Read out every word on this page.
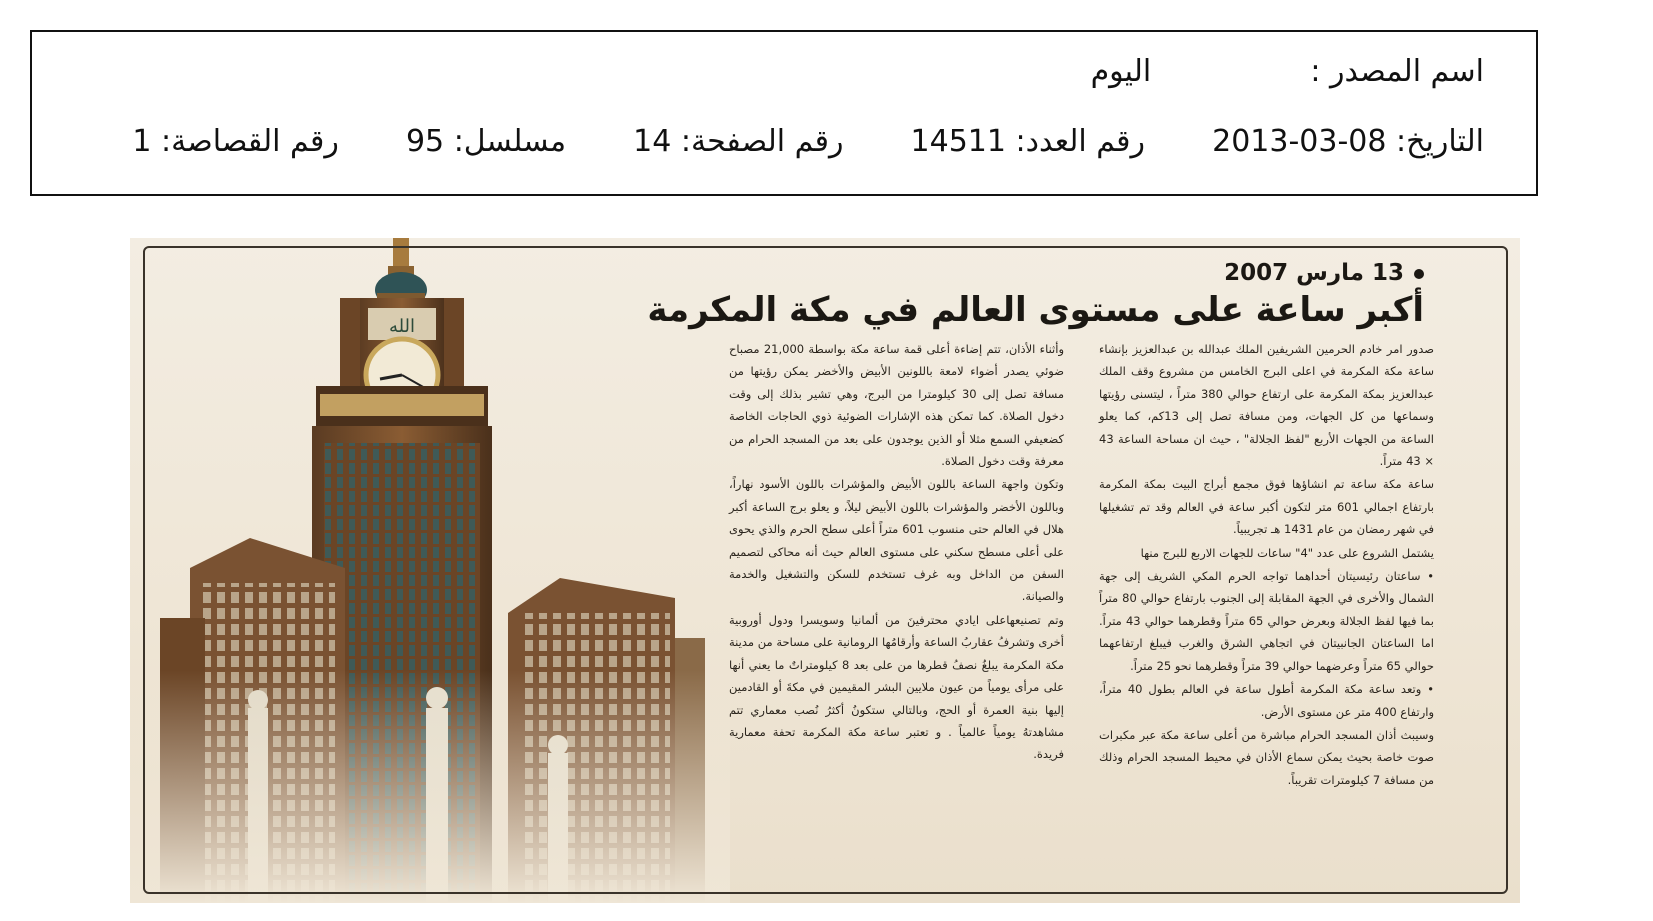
اسم المصدر :  اليوم
التاريخ: 2013-03-08  رقم العدد: 14511  رقم الصفحة: 14  مسلسل: 95  رقم القصاصة: 1
13 مارس 2007
أكبر ساعة على مستوى العالم في مكة المكرمة

صدور امر خادم الحرمين الشريفين الملك عبدالله بن عبدالعزيز بإنشاء ساعة مكة المكرمة في اعلى البرج الخامس من مشروع وقف الملك عبدالعزيز بمكة المكرمة على ارتفاع حوالي 380 متراً ، ليتسنى رؤيتها وسماعها من كل الجهات، ومن مسافة تصل إلى 13كم، كما يعلو الساعة من الجهات الأربع "لفظ الجلالة" ، حيث ان مساحة الساعة 43 × 43 متراً.

ساعة مكة ساعة تم انشاؤها فوق مجمع أبراج البيت بمكة المكرمة بارتفاع اجمالي 601 متر لتكون أكبر ساعة في العالم وقد تم تشغيلها في شهر رمضان من عام 1431 هـ تجريبياً.

يشتمل الشروع على عدد "4" ساعات للجهات الاربع للبرج منها

• ساعتان رئيسيتان أحداهما تواجه الحرم المكي الشريف إلى جهة الشمال والأخرى في الجهة المقابلة إلى الجنوب بارتفاع حوالي 80 متراً بما فيها لفظ الجلالة وبعرض حوالي 65 متراً وقطرهما حوالي 43 متراً. اما الساعتان الجانبيتان في اتجاهي الشرق والغرب فيبلغ ارتفاعهما حوالي 65 متراً وعرضهما حوالي 39 متراً وقطرهما نحو 25 متراً.

• وتعد ساعة مكة المكرمة أطول ساعة في العالم بطول 40 متراً، وارتفاع 400 متر عن مستوى الأرض.

وسيبث أذان المسجد الحرام مباشرة من أعلى ساعة مكة عبر مكبرات صوت خاصة بحيث يمكن سماع الأذان في محيط المسجد الحرام وذلك من مسافة 7 كيلومترات تقريباً.

وأثناء الأذان، تتم إضاءة أعلى قمة ساعة مكة بواسطة 21,000 مصباح ضوئي يصدر أضواء لامعة باللونين الأبيض والأخضر يمكن رؤيتها من مسافة تصل إلى 30 كيلومترا من البرج، وهي تشير بذلك إلى وقت دخول الصلاة. كما تمكن هذه الإشارات الضوئية ذوي الحاجات الخاصة كضعيفي السمع مثلا أو الذين يوجدون على بعد من المسجد الحرام من معرفة وقت دخول الصلاة.

وتكون واجهة الساعة باللون الأبيض والمؤشرات باللون الأسود نهاراً، وباللون الأخضر والمؤشرات باللون الأبيض ليلاً، و يعلو برج الساعة أكبر هلال في العالم حتى منسوب 601 متراً أعلى سطح الحرم والذي يحوى على أعلى مسطح سكني على مستوى العالم حيث أنه محاكى لتصميم السفن من الداخل وبه غرف تستخدم للسكن والتشغيل والخدمة والصيانة.

وتم تصنيعهاعلى ايادي محترفينَ من ألمانيا وسويسرا ودول أوروبية أخرى وتشرفُ عقاربُ الساعة وأرقامُها الرومانية على مساحة من مدينة مكة المكرمة يبلغُ نصفُ قطرها من على بعد 8 كيلومتراتٌ ما يعني أنها على مرأى يومياً من عيون ملايين البشر المقيمين في مكةَ أو القادمين إليها بنية العمرة أو الحج، وبالتالي ستكونُ أكثرُ نُصب معماري تتم مشاهدتهُ يومياً عالمياً . و تعتبر ساعة مكة المكرمة تحفة معمارية فريدة.
